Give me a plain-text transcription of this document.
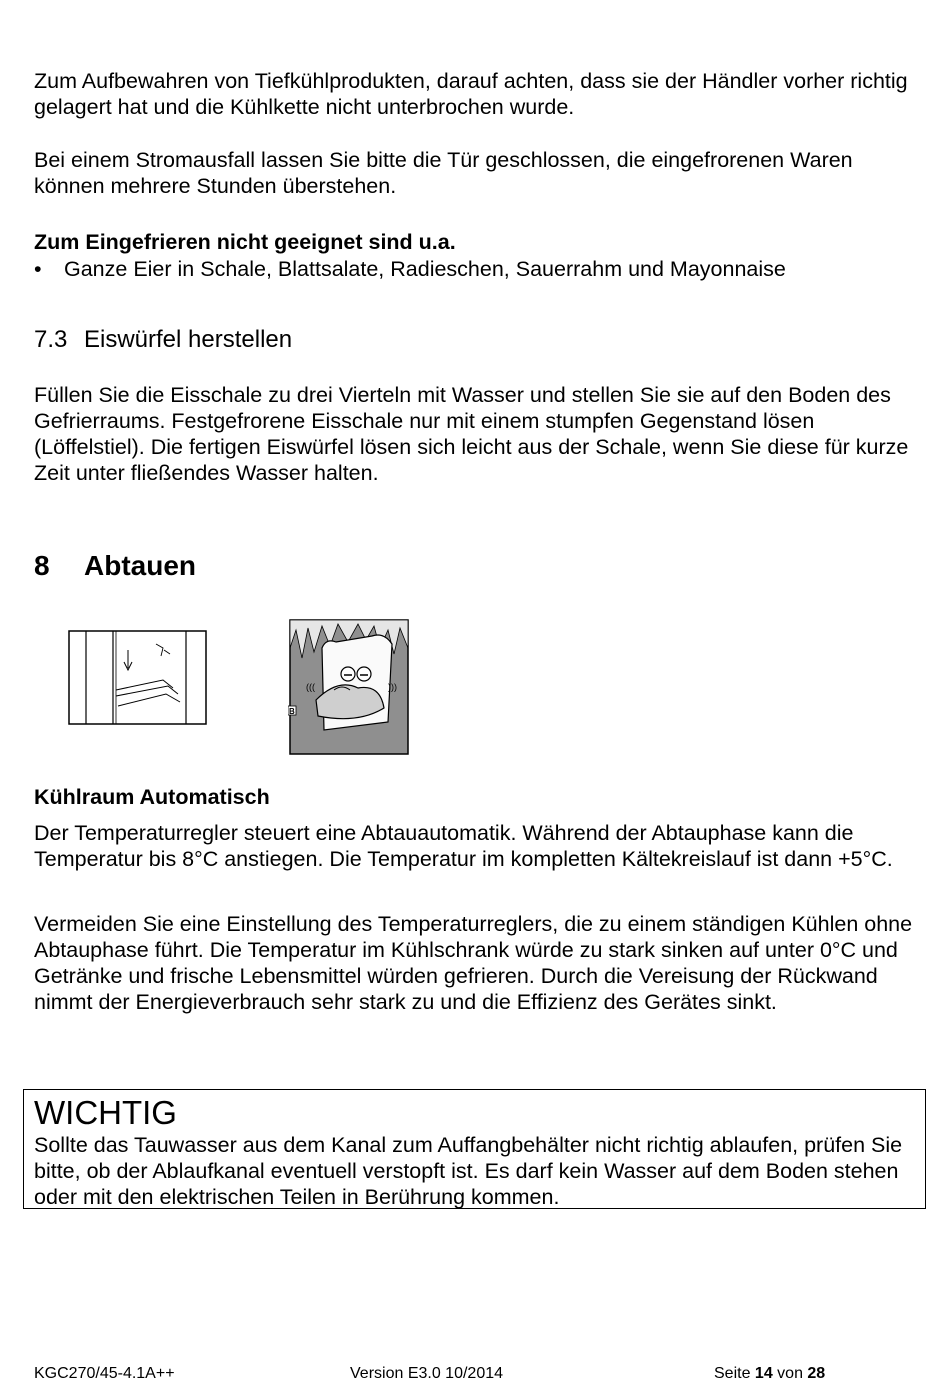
Zum Aufbewahren von Tiefkühlprodukten, darauf achten, dass sie der Händler vorher richtig gelagert hat und die Kühlkette nicht unterbrochen wurde.

Bei einem Stromausfall lassen Sie bitte die Tür geschlossen, die eingefrorenen Waren können mehrere Stunden überstehen.

Zum Eingefrieren nicht geeignet sind u.a.

•	Ganze Eier in Schale, Blattsalate, Radieschen, Sauerrahm und Mayonnaise
7.3 Eiswürfel herstellen

Füllen Sie die Eisschale zu drei Vierteln mit Wasser und stellen Sie sie auf den Boden des Gefrierraums. Festgefrorene Eisschale nur mit einem stumpfen Gegenstand lösen (Löffelstiel). Die fertigen Eiswürfel lösen sich leicht aus der Schale, wenn Sie diese für kurze Zeit unter fließendes Wasser halten.

8 Abtauen
(((	)))
B

Kühlraum Automatisch

Der Temperaturregler steuert eine Abtauautomatik. Während der Abtauphase kann die Temperatur bis 8°C anstiegen. Die Temperatur im kompletten Kältekreislauf ist dann +5°C.

Vermeiden Sie eine Einstellung des Temperaturreglers, die zu einem ständigen Kühlen ohne Abtauphase führt. Die Temperatur im Kühlschrank würde zu stark sinken auf unter 0°C und Getränke und frische Lebensmittel würden gefrieren. Durch die Vereisung der Rückwand nimmt der Energieverbrauch sehr stark zu und die Effizienz des Gerätes sinkt.

WICHTIG
Sollte das Tauwasser aus dem Kanal zum Auffangbehälter nicht richtig ablaufen, prüfen Sie bitte, ob der Ablaufkanal eventuell verstopft ist. Es darf kein Wasser auf dem Boden stehen oder mit den elektrischen Teilen in Berührung kommen.
KGC270/45-4.1A++	Version E3.0 10/2014	Seite 14 von 28
